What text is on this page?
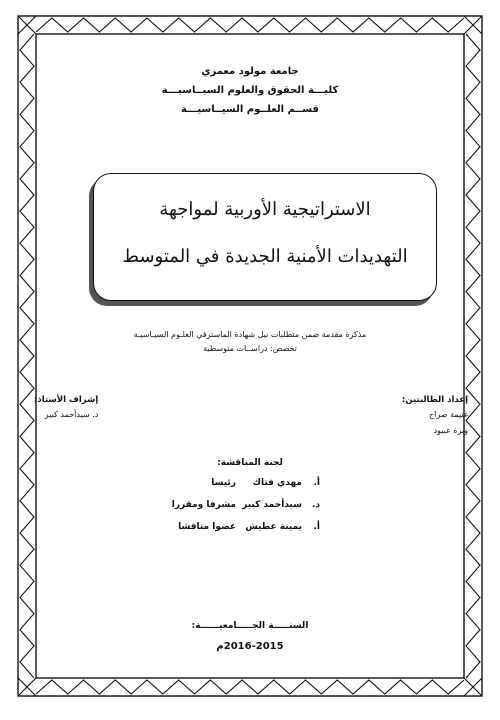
جامعة مولود معمري
كليـــة الحقوق والعلوم السيــاسيـــة
قســم العلــوم السيــاسيـــة
الاستراتيجية الأوربية لمواجهة
التهديدات الأمنية الجديدة في المتوسط
مذكرة مقدمة ضمن متطلبات نيل شهادة الماسترفي العلـوم السيـاسيـة
تخصص: دراســات متوسطية
إعداد الطالبتين:
غنيمة صراح
وبزة عبيود
إشراف الأستاذ:
د. سيدأحمد كبير
لجنة المناقشة:
أ.
مهدي فتاك
رئيسا
د.
سيدأحمد كبير
مشرفا ومقررا
أ.
يمينة عطيش
عضوا مناقشا
السنـــــة الجـــــامعيــــــة:
2016-2015م
